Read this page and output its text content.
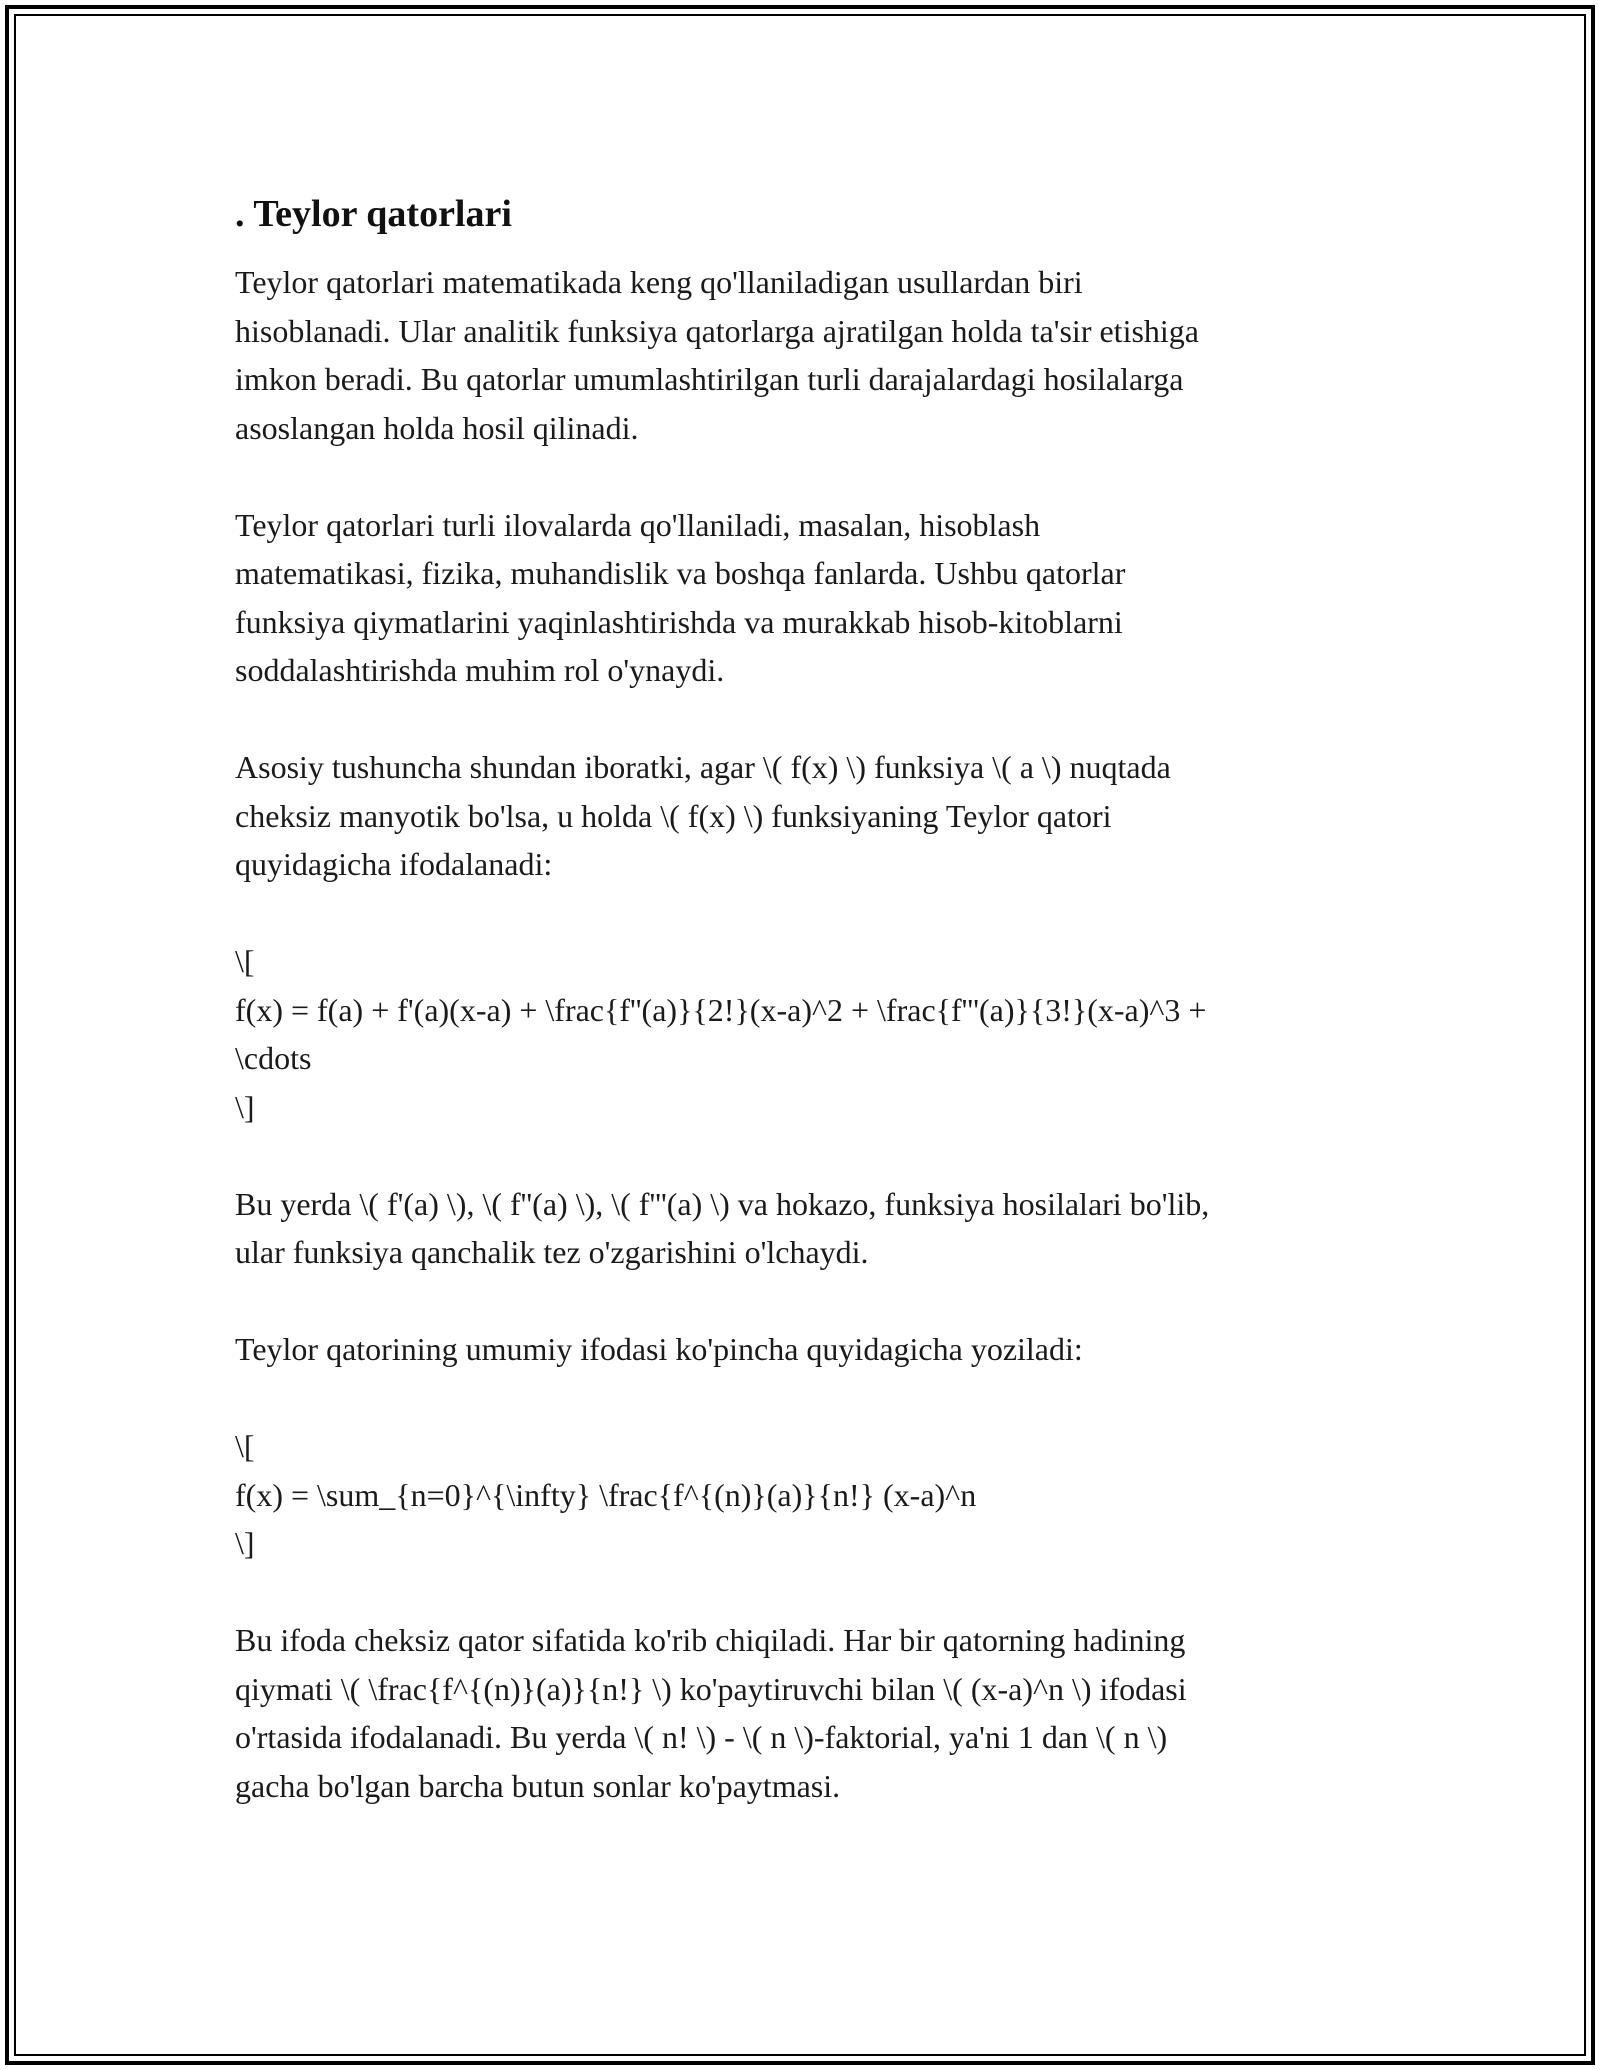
. Teylor qatorlari
Teylor qatorlari matematikada keng qo'llaniladigan usullardan biri
hisoblanadi. Ular analitik funksiya qatorlarga ajratilgan holda ta'sir etishiga
imkon beradi. Bu qatorlar umumlashtirilgan turli darajalardagi hosilalarga
asoslangan holda hosil qilinadi.
Teylor qatorlari turli ilovalarda qo'llaniladi, masalan, hisoblash
matematikasi, fizika, muhandislik va boshqa fanlarda. Ushbu qatorlar
funksiya qiymatlarini yaqinlashtirishda va murakkab hisob-kitoblarni
soddalashtirishda muhim rol o'ynaydi.
Asosiy tushuncha shundan iboratki, agar \( f(x) \) funksiya \( a \) nuqtada
cheksiz manyotik bo'lsa, u holda \( f(x) \) funksiyaning Teylor qatori
quyidagicha ifodalanadi:
\[
f(x) = f(a) + f'(a)(x-a) + \frac{f''(a)}{2!}(x-a)^2 + \frac{f'''(a)}{3!}(x-a)^3 +
\cdots
\]
Bu yerda \( f'(a) \), \( f''(a) \), \( f'''(a) \) va hokazo, funksiya hosilalari bo'lib,
ular funksiya qanchalik tez o'zgarishini o'lchaydi.
Teylor qatorining umumiy ifodasi ko'pincha quyidagicha yoziladi:
\[
f(x) = \sum_{n=0}^{\infty} \frac{f^{(n)}(a)}{n!} (x-a)^n
\]
Bu ifoda cheksiz qator sifatida ko'rib chiqiladi. Har bir qatorning hadining
qiymati \( \frac{f^{(n)}(a)}{n!} \) ko'paytiruvchi bilan \( (x-a)^n \) ifodasi
o'rtasida ifodalanadi. Bu yerda \( n! \) - \( n \)-faktorial, ya'ni 1 dan \( n \)
gacha bo'lgan barcha butun sonlar ko'paytmasi.
